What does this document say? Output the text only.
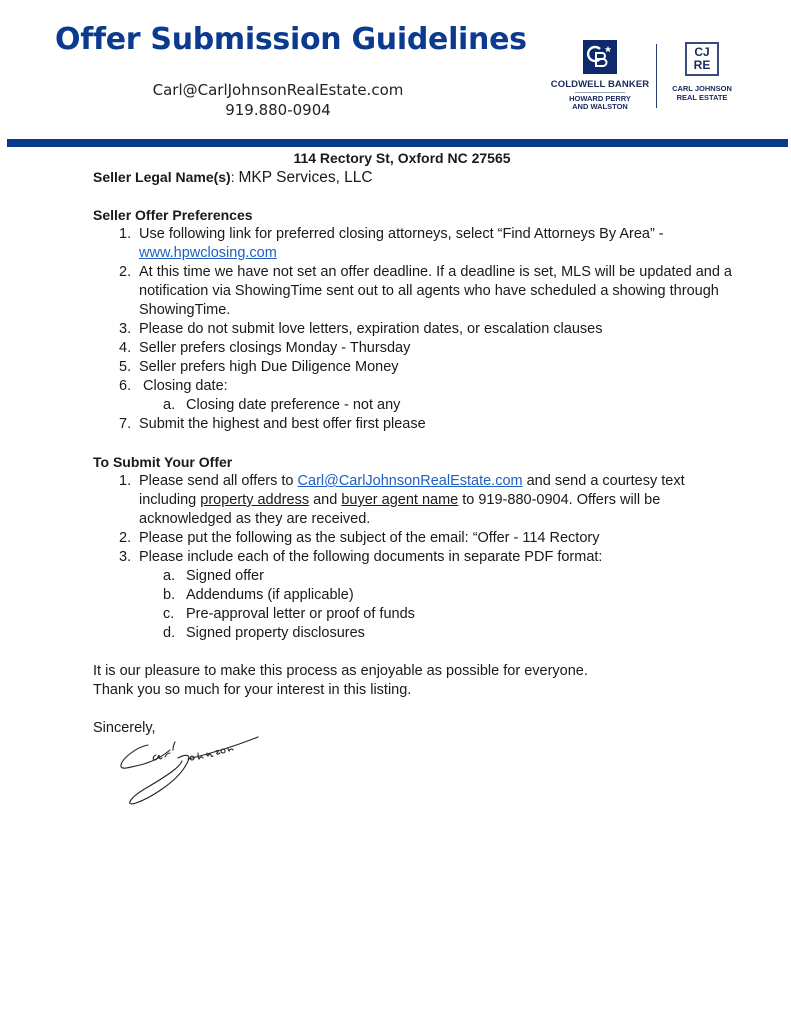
Offer Submission Guidelines
Carl@CarlJohnsonRealEstate.com
919.880-0904
COLDWELL BANKER
HOWARD PERRY
AND WALSTON
CJ
RE
CARL JOHNSON
REAL ESTATE
114 Rectory St, Oxford NC 27565
Seller Legal Name(s): MKP Services, LLC
Seller Offer Preferences
1. Use following link for preferred closing attorneys, select “Find Attorneys By Area” -
www.hpwclosing.com
2. At this time we have not set an offer deadline. If a deadline is set, MLS will be updated and a notification via ShowingTime sent out to all agents who have scheduled a showing through ShowingTime.
3. Please do not submit love letters, expiration dates, or escalation clauses
4. Seller prefers closings Monday - Thursday
5. Seller prefers high Due Diligence Money
6. Closing date:
a. Closing date preference - not any
7. Submit the highest and best offer first please
To Submit Your Offer
1. Please send all offers to Carl@CarlJohnsonRealEstate.com and send a courtesy text including property address and buyer agent name to 919-880-0904. Offers will be acknowledged as they are received.
2. Please put the following as the subject of the email: “Offer - 114 Rectory
3. Please include each of the following documents in separate PDF format:
a. Signed offer
b. Addendums (if applicable)
c. Pre-approval letter or proof of funds
d. Signed property disclosures
It is our pleasure to make this process as enjoyable as possible for everyone.
Thank you so much for your interest in this listing.
Sincerely,
